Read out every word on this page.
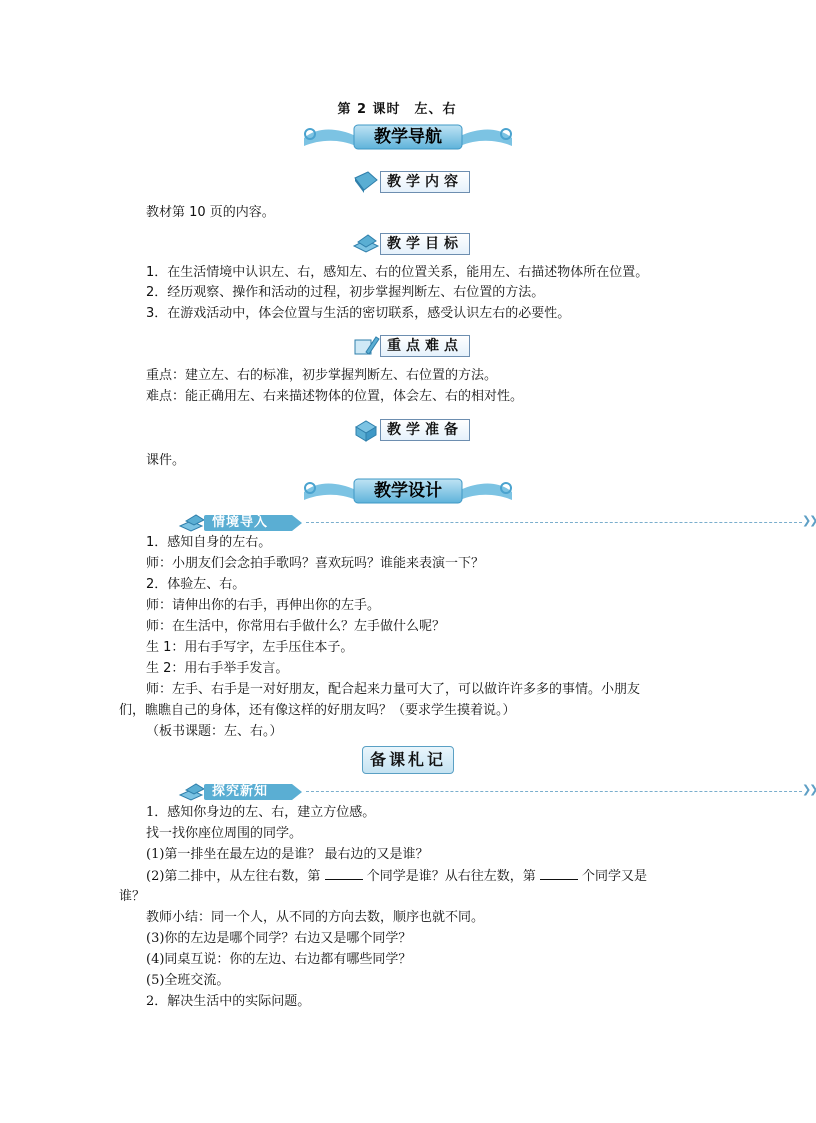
第 2 课时　左、右
教学导航
教学内容
教材第 10 页的内容。
教学目标
1．在生活情境中认识左、右，感知左、右的位置关系，能用左、右描述物体所在位置。
2．经历观察、操作和活动的过程，初步掌握判断左、右位置的方法。
3．在游戏活动中，体会位置与生活的密切联系，感受认识左右的必要性。
重点难点
重点：建立左、右的标准，初步掌握判断左、右位置的方法。
难点：能正确用左、右来描述物体的位置，体会左、右的相对性。
教学准备
课件。
教学设计
情境导入	❯❯
1．感知自身的左右。
师：小朋友们会念拍手歌吗？喜欢玩吗？谁能来表演一下？
2．体验左、右。
师：请伸出你的右手，再伸出你的左手。
师：在生活中，你常用右手做什么？左手做什么呢？
生 1：用右手写字，左手压住本子。
生 2：用右手举手发言。
师：左手、右手是一对好朋友，配合起来力量可大了，可以做许许多多的事情。小朋友
们，瞧瞧自己的身体，还有像这样的好朋友吗？（要求学生摸着说。）
（板书课题：左、右。）
备课札记
探究新知	❯❯
1．感知你身边的左、右，建立方位感。
找一找你座位周围的同学。
(1)第一排坐在最左边的是谁？ 最右边的又是谁？
(2)第二排中，从左往右数，第	个同学是谁？从右往左数，第	个同学又是
谁？
教师小结：同一个人，从不同的方向去数，顺序也就不同。
(3)你的左边是哪个同学？右边又是哪个同学？
(4)同桌互说：你的左边、右边都有哪些同学？
(5)全班交流。
2．解决生活中的实际问题。
